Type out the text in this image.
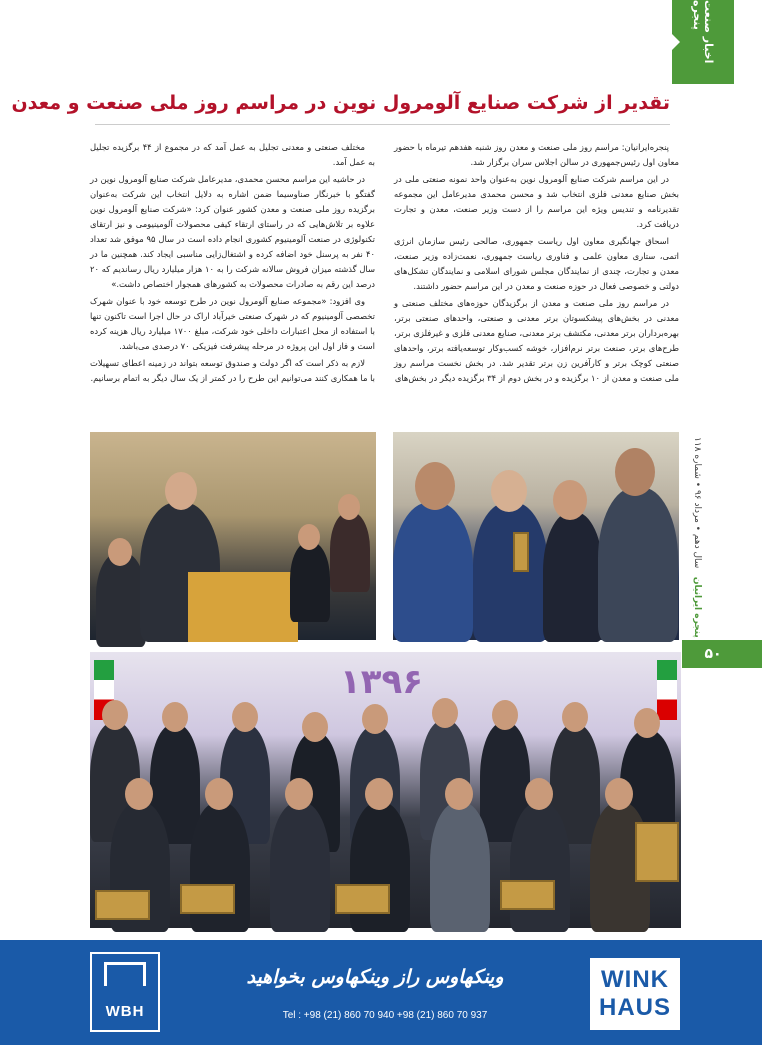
اخبار صنعت پنجره
تقدیر از شرکت صنایع آلومرول نوین در مراسم روز ملی صنعت و معدن

پنجره‌ایرانیان: مراسم روز ملی صنعت و معدن روز شنبه هفدهم تیرماه با حضور معاون اول رئیس‌جمهوری در سالن اجلاس سران برگزار شد.

در این مراسم شرکت صنایع آلومرول نوین به‌عنوان واحد نمونه صنعتی ملی در بخش صنایع معدنی فلزی انتخاب شد و محسن محمدی مدیرعامل این مجموعه تقدیرنامه و تندیس ویژه این مراسم را از دست وزیر صنعت، معدن و تجارت دریافت کرد.

اسحاق جهانگیری معاون اول ریاست جمهوری، صالحی رئیس سازمان انرژی اتمی، ستاری معاون علمی و فناوری ریاست جمهوری، نعمت‌زاده وزیر صنعت، معدن و تجارت، چندی از نمایندگان مجلس شورای اسلامی و نمایندگان تشکل‌های دولتی و خصوصی فعال در حوزه صنعت و معدن در این مراسم حضور داشتند.

در مراسم روز ملی صنعت و معدن از برگزیدگان حوزه‌های مختلف صنعتی و معدنی در بخش‌های پیشکسوتان برتر معدنی و صنعتی، واحدهای صنعتی برتر، بهره‌برداران برتر معدنی، مکتشف برتر معدنی، صنایع معدنی فلزی و غیرفلزی برتر، طرح‌های برتر، صنعت برتر نرم‌افزار، خوشه کسب‌وکار توسعه‌یافته برتر، واحدهای صنعتی کوچک برتر و کارآفرین زن برتر تقدیر شد. در بخش نخست مراسم روز ملی صنعت و معدن از ۱۰ برگزیده و در بخش دوم از ۳۴ برگزیده دیگر در بخش‌های

مختلف صنعتی و معدنی تجلیل به عمل آمد که در مجموع از ۴۴ برگزیده تجلیل به عمل آمد.

در حاشیه این مراسم محسن محمدی، مدیرعامل شرکت صنایع آلومرول نوین در گفتگو با خبرنگار صناوسیما ضمن اشاره به دلایل انتخاب این شرکت به‌عنوان برگزیده روز ملی صنعت و معدن کشور عنوان کرد: «شرکت صنایع آلومرول نوین علاوه بر تلاش‌هایی که در راستای ارتقاء کیفی محصولات آلومینیومی و نیز ارتقای تکنولوژی در صنعت آلومینیوم کشوری انجام داده است در سال ۹۵ موفق شد تعداد ۴۰ نفر به پرسنل خود اضافه کرده و اشتغال‌زایی مناسبی ایجاد کند. همچنین ما در سال گذشته میزان فروش سالانه شرکت را به ۱۰ هزار میلیارد ریال رساندیم که ۲۰ درصد این رقم به صادرات محصولات به کشورهای همجوار اختصاص داشت.»

وی افزود: «مجموعه صنایع آلومرول نوین در طرح توسعه خود با عنوان شهرک تخصصی آلومینیوم که در شهرک صنعتی خیرآباد اراک در حال اجرا است تاکنون تنها با استفاده از محل اعتبارات داخلی خود شرکت، مبلغ ۱۷۰۰ میلیارد ریال هزینه کرده است و فاز اول این پروژه در مرحله پیشرفت فیزیکی ۷۰ درصدی می‌باشد.

لازم به ذکر است که اگر دولت و صندوق توسعه بتواند در زمینه اعطای تسهیلات با ما همکاری کنند می‌توانیم این طرح را در کمتر از یک سال دیگر به اتمام برسانیم.

پنجره ایرانیان   سال دهم • مرداد ۹۶ • شماره ۱۱۸
۵۰
۱۳۹۶
WBH
وینکهاوس راز وینکهاوس بخواهید
Tel : +98 (21) 860 70 940 +98 (21) 860 70 937
WINK
HAUS
